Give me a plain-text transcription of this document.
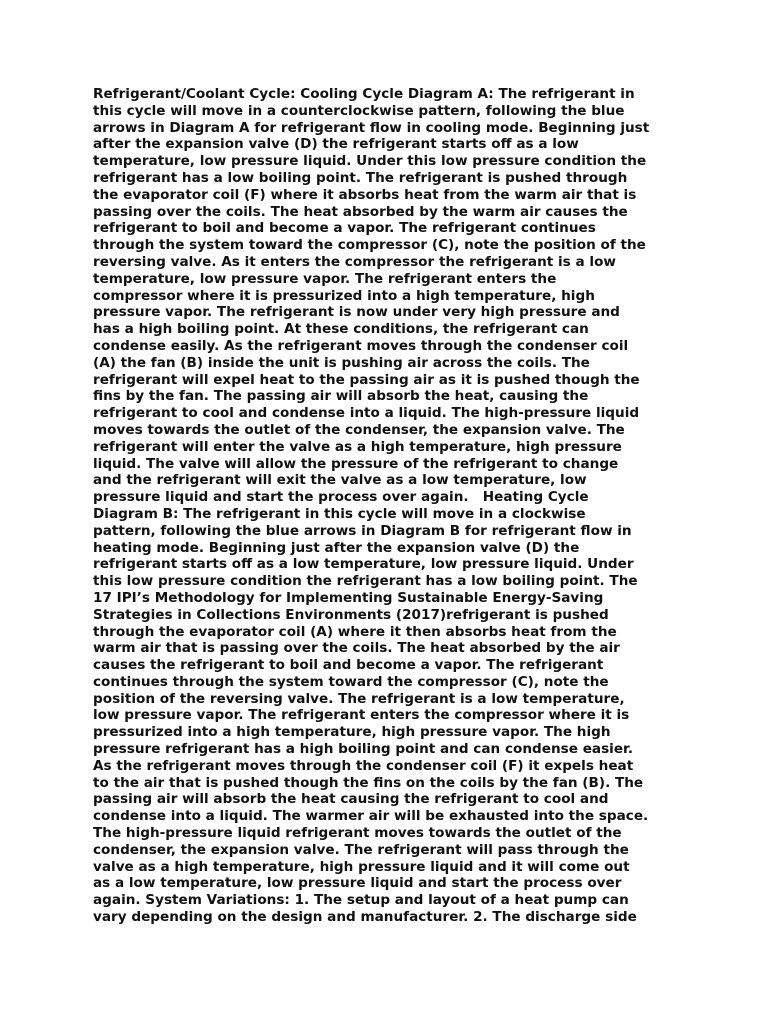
Refrigerant/Coolant Cycle: Cooling Cycle Diagram A: The refrigerant in
this cycle will move in a counterclockwise pattern, following the blue
arrows in Diagram A for refrigerant flow in cooling mode. Beginning just
after the expansion valve (D) the refrigerant starts off as a low
temperature, low pressure liquid. Under this low pressure condition the
refrigerant has a low boiling point. The refrigerant is pushed through
the evaporator coil (F) where it absorbs heat from the warm air that is
passing over the coils. The heat absorbed by the warm air causes the
refrigerant to boil and become a vapor. The refrigerant continues
through the system toward the compressor (C), note the position of the
reversing valve. As it enters the compressor the refrigerant is a low
temperature, low pressure vapor. The refrigerant enters the
compressor where it is pressurized into a high temperature, high
pressure vapor. The refrigerant is now under very high pressure and
has a high boiling point. At these conditions, the refrigerant can
condense easily. As the refrigerant moves through the condenser coil
(A) the fan (B) inside the unit is pushing air across the coils. The
refrigerant will expel heat to the passing air as it is pushed though the
fins by the fan. The passing air will absorb the heat, causing the
refrigerant to cool and condense into a liquid. The high-pressure liquid
moves towards the outlet of the condenser, the expansion valve. The
refrigerant will enter the valve as a high temperature, high pressure
liquid. The valve will allow the pressure of the refrigerant to change
and the refrigerant will exit the valve as a low temperature, low
pressure liquid and start the process over again.   Heating Cycle
Diagram B: The refrigerant in this cycle will move in a clockwise
pattern, following the blue arrows in Diagram B for refrigerant flow in
heating mode. Beginning just after the expansion valve (D) the
refrigerant starts off as a low temperature, low pressure liquid. Under
this low pressure condition the refrigerant has a low boiling point. The
17 IPI’s Methodology for Implementing Sustainable Energy-Saving
Strategies in Collections Environments (2017)refrigerant is pushed
through the evaporator coil (A) where it then absorbs heat from the
warm air that is passing over the coils. The heat absorbed by the air
causes the refrigerant to boil and become a vapor. The refrigerant
continues through the system toward the compressor (C), note the
position of the reversing valve. The refrigerant is a low temperature,
low pressure vapor. The refrigerant enters the compressor where it is
pressurized into a high temperature, high pressure vapor. The high
pressure refrigerant has a high boiling point and can condense easier.
As the refrigerant moves through the condenser coil (F) it expels heat
to the air that is pushed though the fins on the coils by the fan (B). The
passing air will absorb the heat causing the refrigerant to cool and
condense into a liquid. The warmer air will be exhausted into the space.
The high-pressure liquid refrigerant moves towards the outlet of the
condenser, the expansion valve. The refrigerant will pass through the
valve as a high temperature, high pressure liquid and it will come out
as a low temperature, low pressure liquid and start the process over
again. System Variations: 1. The setup and layout of a heat pump can
vary depending on the design and manufacturer. 2. The discharge side
